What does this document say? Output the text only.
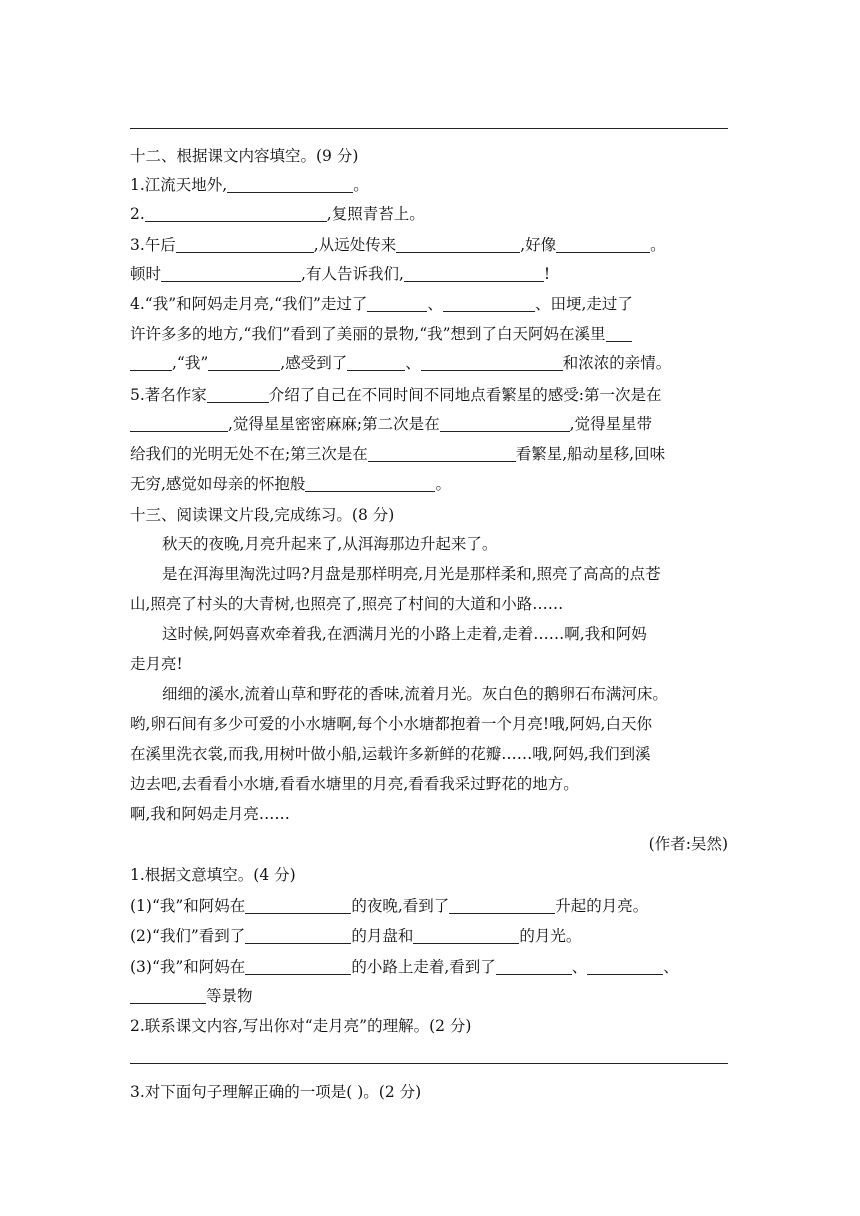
十二、根据课文内容填空。(9 分)
1.江流天地外,	。
2.	,复照青苔上。
3.午后	,从远处传来	,好像	。
顿时	,有人告诉我们,	!
4.“我”和阿妈走月亮,“我们”走过了	、	、田埂,走过了
许许多多的地方,“我们”看到了美丽的景物,“我”想到了白天阿妈在溪里
,“我”	,感受到了	、	和浓浓的亲情。
5.著名作家	介绍了自己在不同时间不同地点看繁星的感受:第一次是在
,觉得星星密密麻麻;第二次是在	,觉得星星带
给我们的光明无处不在;第三次是在	看繁星,船动星移,回味
无穷,感觉如母亲的怀抱般	。
十三、阅读课文片段,完成练习。(8 分)
秋天的夜晚,月亮升起来了,从洱海那边升起来了。
是在洱海里淘洗过吗?月盘是那样明亮,月光是那样柔和,照亮了高高的点苍
山,照亮了村头的大青树,也照亮了,照亮了村间的大道和小路……
这时候,阿妈喜欢牵着我,在洒满月光的小路上走着,走着……啊,我和阿妈
走月亮!
细细的溪水,流着山草和野花的香味,流着月光。灰白色的鹅卵石布满河床。
哟,卵石间有多少可爱的小水塘啊,每个小水塘都抱着一个月亮!哦,阿妈,白天你
在溪里洗衣裳,而我,用树叶做小船,运载许多新鲜的花瓣……哦,阿妈,我们到溪
边去吧,去看看小水塘,看看水塘里的月亮,看看我采过野花的地方。
啊,我和阿妈走月亮……
(作者:吴然)
1.根据文意填空。(4 分)
(1)“我”和阿妈在	的夜晚,看到了	升起的月亮。
(2)“我们”看到了	的月盘和	的月光。
(3)“我”和阿妈在	的小路上走着,看到了	、	、
等景物
2.联系课文内容,写出你对“走月亮”的理解。(2 分)
3.对下面句子理解正确的一项是( )。(2 分)
